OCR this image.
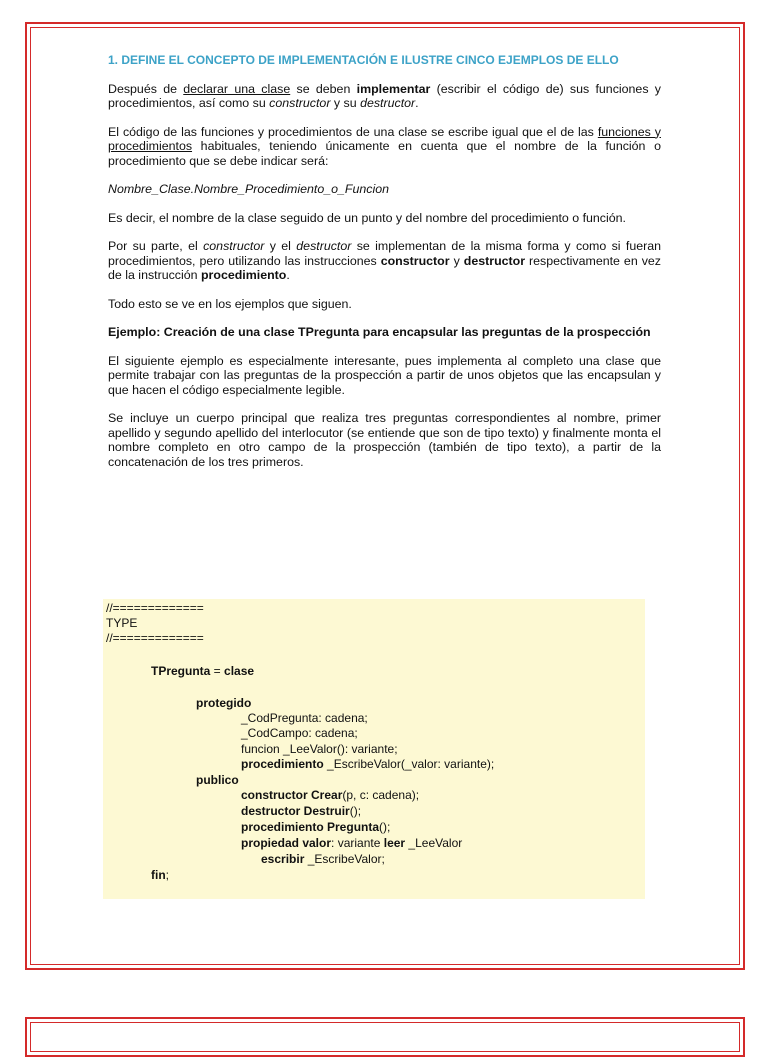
1. DEFINE EL CONCEPTO DE IMPLEMENTACIÓN E ILUSTRE CINCO EJEMPLOS DE ELLO

Después de declarar una clase se deben implementar (escribir el código de) sus funciones y procedimientos, así como su constructor y su destructor.

El código de las funciones y procedimientos de una clase se escribe igual que el de las funciones y procedimientos habituales, teniendo únicamente en cuenta que el nombre de la función o procedimiento que se debe indicar será:

Nombre_Clase.Nombre_Procedimiento_o_Funcion

Es decir, el nombre de la clase seguido de un punto y del nombre del procedimiento o función.

Por su parte, el constructor y el destructor se implementan de la misma forma y como si fueran procedimientos, pero utilizando las instrucciones constructor y destructor respectivamente en vez de la instrucción procedimiento.

Todo esto se ve en los ejemplos que siguen.

Ejemplo: Creación de una clase TPregunta para encapsular las preguntas de la prospección

El siguiente ejemplo es especialmente interesante, pues implementa al completo una clase que permite trabajar con las preguntas de la prospección a partir de unos objetos que las encapsulan y que hacen el código especialmente legible.

Se incluye un cuerpo principal que realiza tres preguntas correspondientes al nombre, primer apellido y segundo apellido del interlocutor (se entiende que son de tipo texto) y finalmente monta el nombre completo en otro campo de la prospección (también de tipo texto), a partir de la concatenación de los tres primeros.

//=============
TYPE
//=============
TPregunta = clase
protegido
_CodPregunta: cadena;
_CodCampo: cadena;
funcion _LeeValor(): variante;
procedimiento _EscribeValor(_valor: variante);
publico
constructor Crear(p, c: cadena);
destructor Destruir();
procedimiento Pregunta();
propiedad valor: variante leer _LeeValor
escribir _EscribeValor;
fin;
